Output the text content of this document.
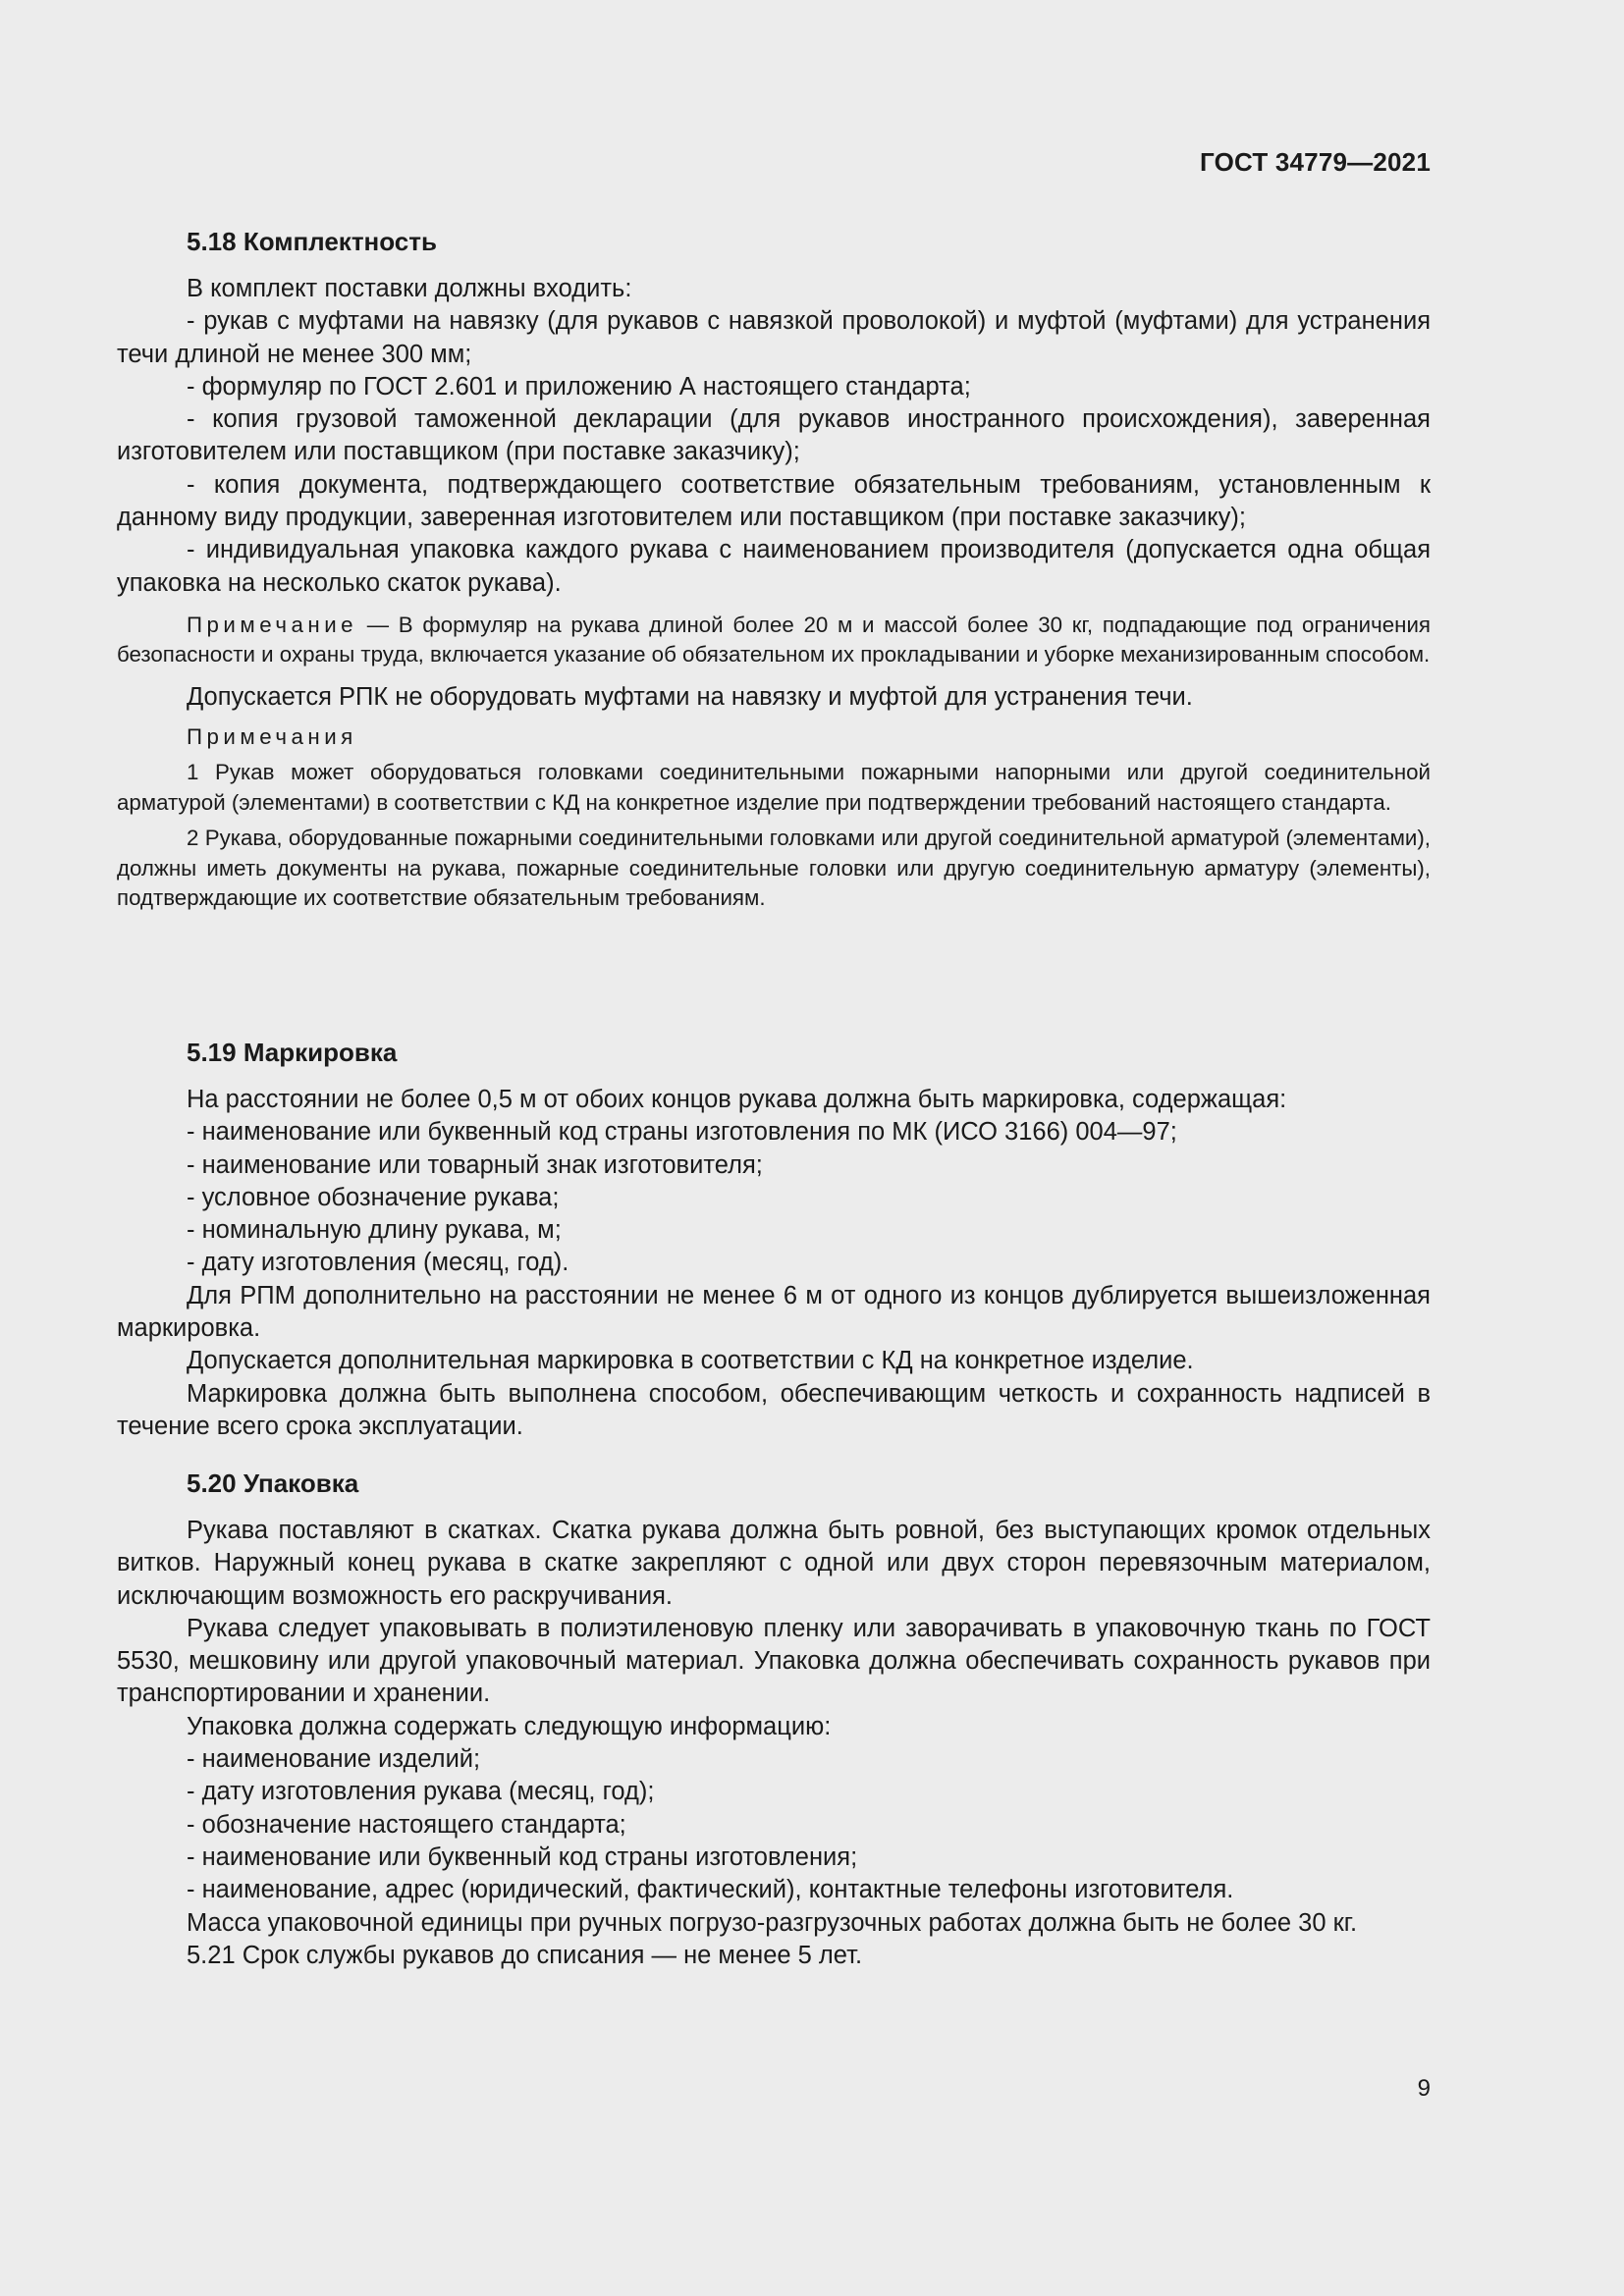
ГОСТ 34779—2021
5.18 Комплектность

В комплект поставки должны входить:

- рукав с муфтами на навязку (для рукавов с навязкой проволокой) и муфтой (муфтами) для устранения течи длиной не менее 300 мм;

- формуляр по ГОСТ 2.601 и приложению А настоящего стандарта;

- копия грузовой таможенной декларации (для рукавов иностранного происхождения), заверенная изготовителем или поставщиком (при поставке заказчику);

- копия документа, подтверждающего соответствие обязательным требованиям, установленным к данному виду продукции, заверенная изготовителем или поставщиком (при поставке заказчику);

- индивидуальная упаковка каждого рукава с наименованием производителя (допускается одна общая упаковка на несколько скаток рукава).

Примечание — В формуляр на рукава длиной более 20 м и массой более 30 кг, подпадающие под ограничения безопасности и охраны труда, включается указание об обязательном их прокладывании и уборке механизированным способом.

Допускается РПК не оборудовать муфтами на навязку и муфтой для устранения течи.

Примечания

1 Рукав может оборудоваться головками соединительными пожарными напорными или другой соединительной арматурой (элементами) в соответствии с КД на конкретное изделие при подтверждении требований настоящего стандарта.

2 Рукава, оборудованные пожарными соединительными головками или другой соединительной арматурой (элементами), должны иметь документы на рукава, пожарные соединительные головки или другую соединительную арматуру (элементы), подтверждающие их соответствие обязательным требованиям.

5.19 Маркировка

На расстоянии не более 0,5 м от обоих концов рукава должна быть маркировка, содержащая:

- наименование или буквенный код страны изготовления по МК (ИСО 3166) 004—97;

- наименование или товарный знак изготовителя;

- условное обозначение рукава;

- номинальную длину рукава, м;

- дату изготовления (месяц, год).

Для РПМ дополнительно на расстоянии не менее 6 м от одного из концов дублируется вышеизложенная маркировка.

Допускается дополнительная маркировка в соответствии с КД на конкретное изделие.

Маркировка должна быть выполнена способом, обеспечивающим четкость и сохранность надписей в течение всего срока эксплуатации.

5.20 Упаковка

Рукава поставляют в скатках. Скатка рукава должна быть ровной, без выступающих кромок отдельных витков. Наружный конец рукава в скатке закрепляют с одной или двух сторон перевязочным материалом, исключающим возможность его раскручивания.

Рукава следует упаковывать в полиэтиленовую пленку или заворачивать в упаковочную ткань по ГОСТ 5530, мешковину или другой упаковочный материал. Упаковка должна обеспечивать сохранность рукавов при транспортировании и хранении.

Упаковка должна содержать следующую информацию:

- наименование изделий;

- дату изготовления рукава (месяц, год);

- обозначение настоящего стандарта;

- наименование или буквенный код страны изготовления;

- наименование, адрес (юридический, фактический), контактные телефоны изготовителя.

Масса упаковочной единицы при ручных погрузо-разгрузочных работах должна быть не более 30 кг.

5.21 Срок службы рукавов до списания — не менее 5 лет.

9
